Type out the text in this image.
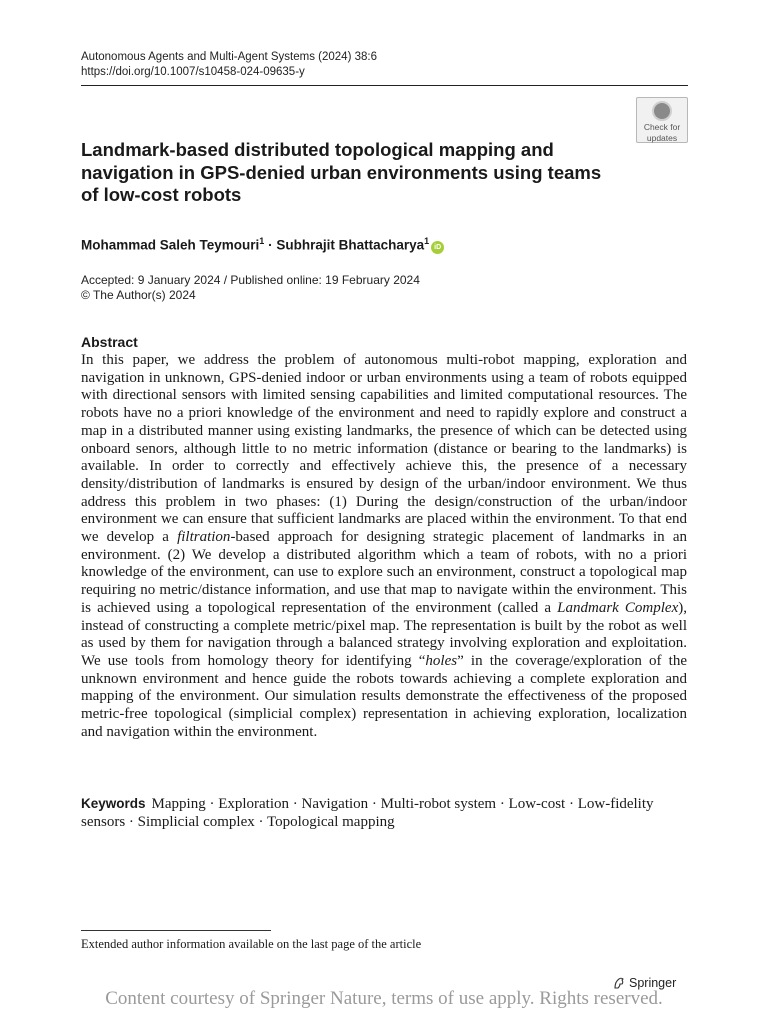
Autonomous Agents and Multi-Agent Systems (2024) 38:6
https://doi.org/10.1007/s10458-024-09635-y
Check for
updates
Landmark-based distributed topological mapping and navigation in GPS-denied urban environments using teams of low-cost robots
Mohammad Saleh Teymouri$^1$ · Subhrajit Bhattacharya$^1$iD
Accepted: 9 January 2024 / Published online: 19 February 2024
© The Author(s) 2024
Abstract

In this paper, we address the problem of autonomous multi-robot mapping, exploration and navigation in unknown, GPS-denied indoor or urban environments using a team of robots equipped with directional sensors with limited sensing capabilities and limited computational resources. The robots have no a priori knowledge of the environment and need to rapidly explore and construct a map in a distributed manner using existing landmarks, the presence of which can be detected using onboard senors, although little to no metric information (distance or bearing to the landmarks) is available. In order to correctly and effectively achieve this, the presence of a necessary density/distribution of landmarks is ensured by design of the urban/indoor environment. We thus address this problem in two phases: (1) During the design/construction of the urban/indoor environment we can ensure that sufficient landmarks are placed within the environment. To that end we develop a filtration-based approach for designing strategic placement of landmarks in an environment. (2) We develop a distributed algorithm which a team of robots, with no a priori knowledge of the environment, can use to explore such an environment, construct a topological map requiring no metric/distance information, and use that map to navigate within the environment. This is achieved using a topological representation of the environment (called a Landmark Complex), instead of constructing a complete metric/pixel map. The representation is built by the robot as well as used by them for navigation through a balanced strategy involving exploration and exploitation. We use tools from homology theory for identifying “holes” in the coverage/exploration of the unknown environment and hence guide the robots towards achieving a complete exploration and mapping of the environment. Our simulation results demonstrate the effectiveness of the proposed metric-free topological (simplicial complex) representation in achieving exploration, localization and navigation within the environment.

Keywords Mapping · Exploration · Navigation · Multi-robot system · Low-cost · Low-fidelity sensors · Simplicial complex · Topological mapping
Extended author information available on the last page of the article
Springer
Content courtesy of Springer Nature, terms of use apply. Rights reserved.
